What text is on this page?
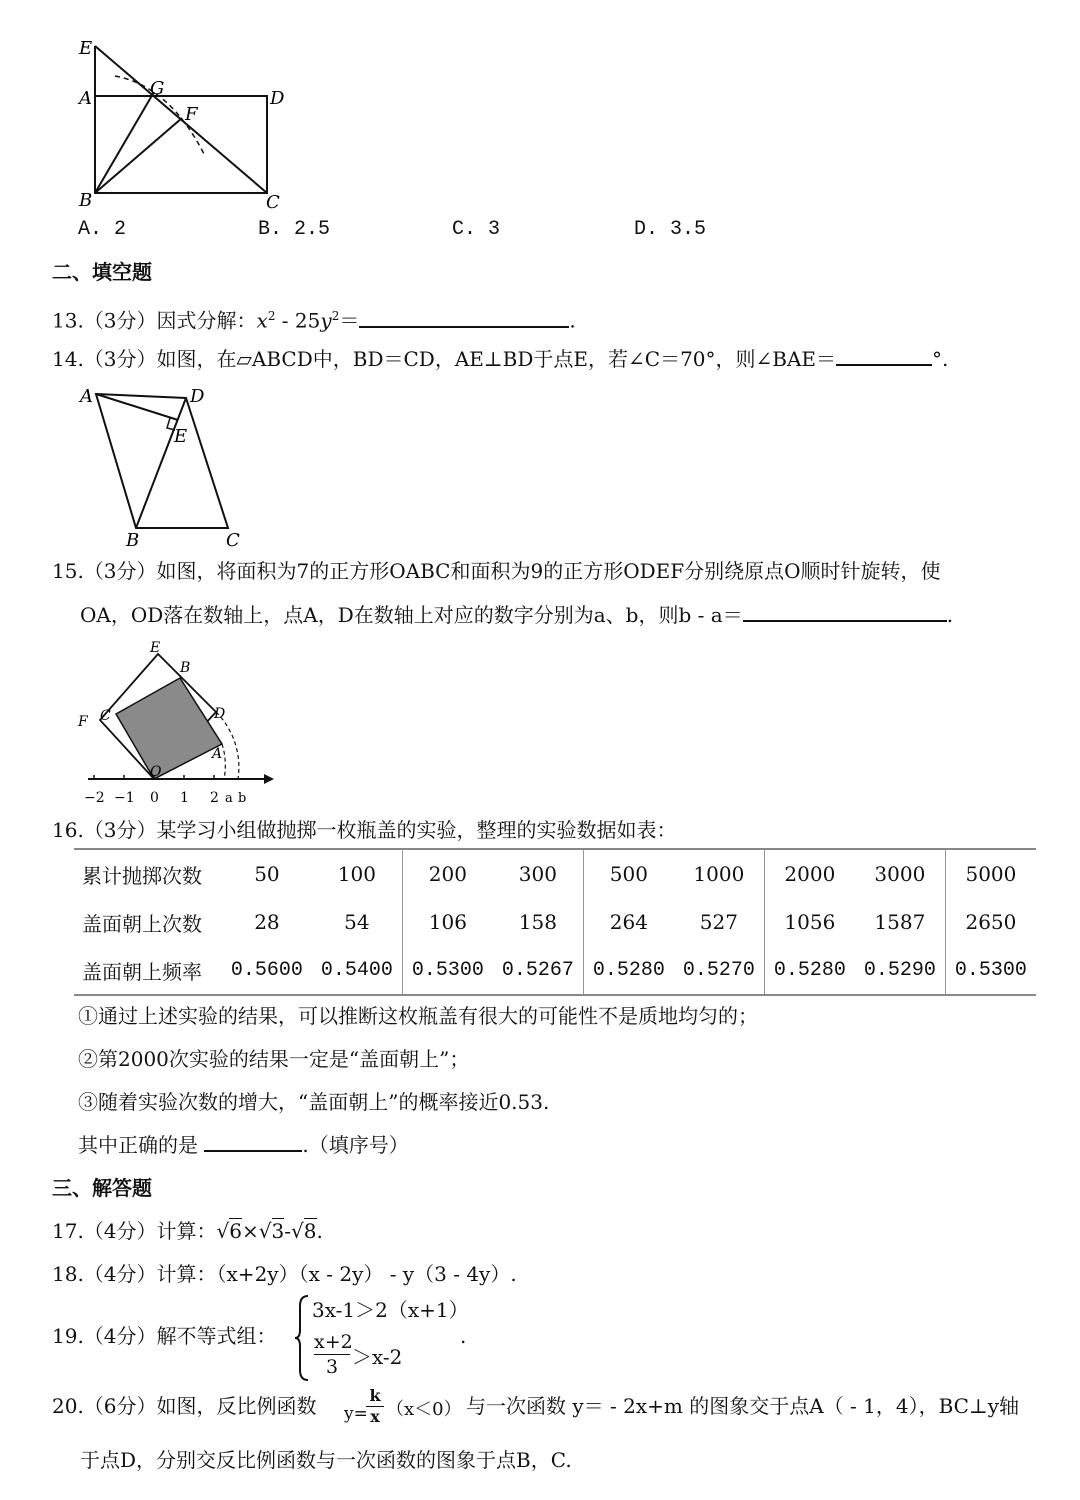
E
A	G
F
D
B	C
A. 2	B. 2.5	C. 3	D. 3.5
二、填空题
13.（3分）因式分解：$x^2 - 25y^2=$	.
14.（3分）如图，在▱ABCD中，BD＝CD，AE⊥BD于点E，若∠C＝70°，则∠BAE＝	°.
A	D
E
B	C
15.（3分）如图，将面积为7的正方形OABC和面积为9的正方形ODEF分别绕原点O顺时针旋转，使
OA，OD落在数轴上，点A，D在数轴上对应的数字分别为a、b，则b - a＝	.
E
B
F C	D
A
O
−2 −1 0 1 2 a b
16.（3分）某学习小组做抛掷一枚瓶盖的实验，整理的实验数据如表：
累计抛掷次数	50	100	200	300	500	1000	2000	3000	5000
盖面朝上次数	28	54	106	158	264	527	1056	1587	2650
盖面朝上频率	0.5600	0.5400	0.5300	0.5267	0.5280	0.5270	0.5280	0.5290	0.5300
①通过上述实验的结果，可以推断这枚瓶盖有很大的可能性不是质地均匀的；
②第2000次实验的结果一定是“盖面朝上”；
③随着实验次数的增大，“盖面朝上”的概率接近0.53.
其中正确的是	.（填序号）
三、解答题
17.（4分）计算：√6×√3-√8.
18.（4分）计算：（x+2y）（x - 2y） - y（3 - 4y）.
19.（4分）解不等式组：
3x-1＞2（x+1）
$\frac{x+2}{3} >x-2$
.
20.（6分）如图，反比例函数 y=
$\frac{k}{x} (x<0)$ 与一次函数 y＝ - 2x+m 的图象交于点A（ - 1，4），BC⊥y轴
于点D，分别交反比例函数与一次函数的图象于点B，C.
